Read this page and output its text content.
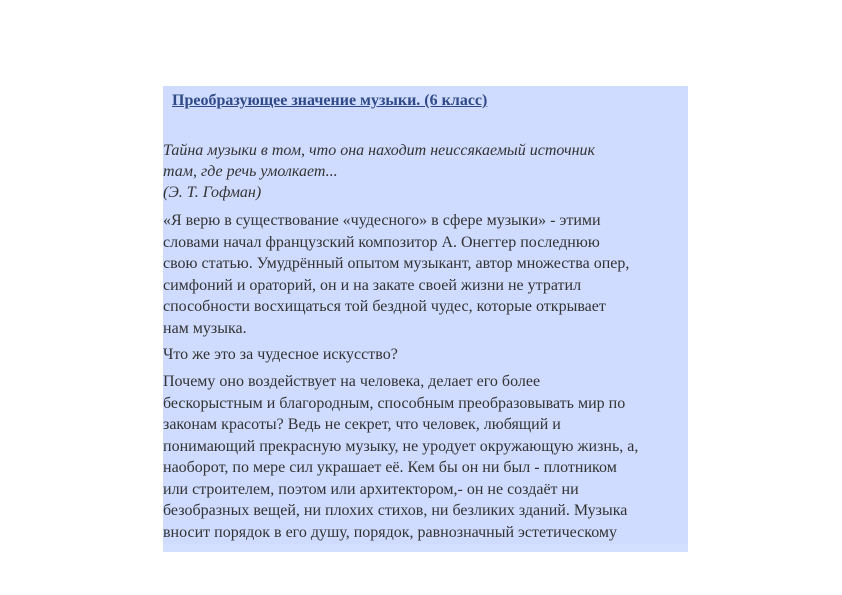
Преобразующее значение музыки. (6 класс)
Тайна музыки в том, что она находит неиссякаемый источник
там, где речь умолкает...
(Э. Т. Гофман)
«Я верю в существование «чудесного» в сфере музыки» - этими
словами начал французский композитор А. Онеггер последнюю
свою статью. Умудрённый опытом музыкант, автор множества опер,
симфоний и ораторий, он и на закате своей жизни не утратил
способности восхищаться той бездной чудес, которые открывает
нам музыка.
Что же это за чудесное искусство?
Почему оно воздействует на человека, делает его более
бескорыстным и благородным, способным преобразовывать мир по
законам красоты? Ведь не секрет, что человек, любящий и
понимающий прекрасную музыку, не уродует окружающую жизнь, а,
наоборот, по мере сил украшает её. Кем бы он ни был - плотником
или строителем, поэтом или архитектором,- он не создаёт ни
безобразных вещей, ни плохих стихов, ни безликих зданий. Музыка
вносит порядок в его душу, порядок, равнозначный эстетическому
